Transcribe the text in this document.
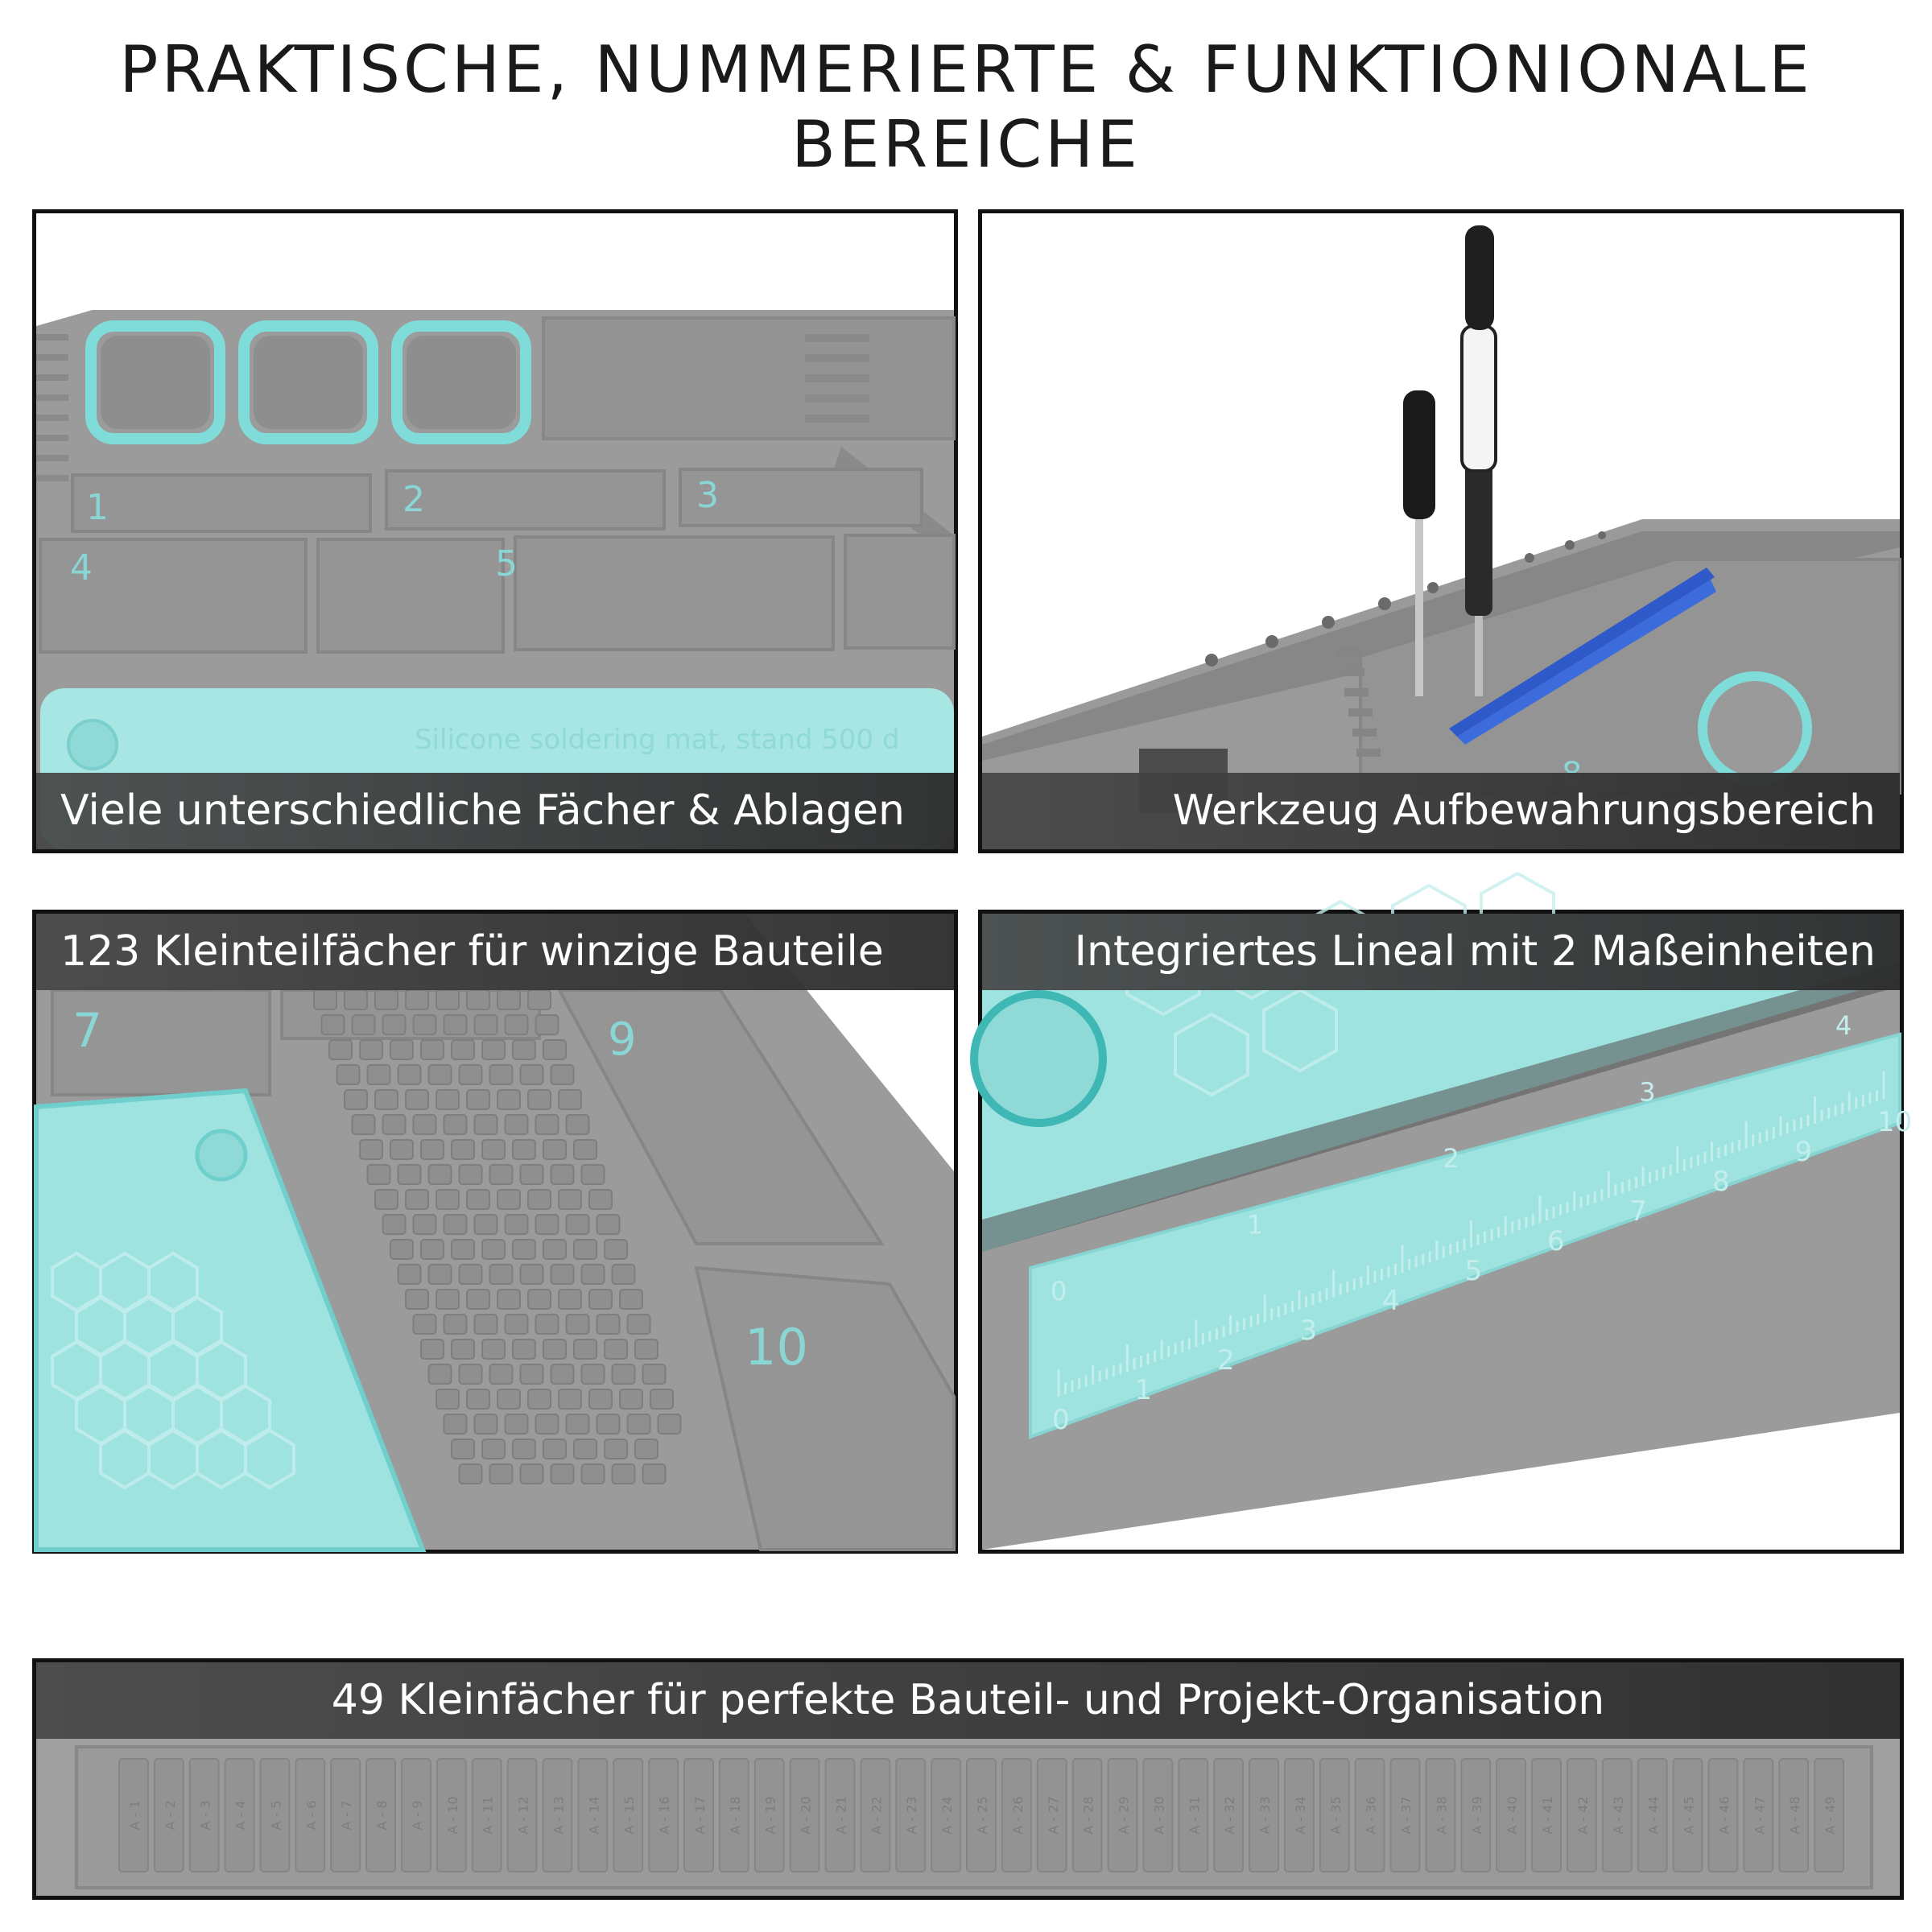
PRAKTISCHE, NUMMERIERTE & FUNKTIONIONALE BEREICHE
1	2	3
4	5
Silicone soldering mat, stand 500 d
Viele unterschiedliche Fächer & Ablagen	Werkzeug Aufbewahrungsbereich
7	9
10
123 Kleinteilfächer für winzige Bauteile
0
1
2
3
4
5
6
7
8
9
10
0
1
2
3
4
Integriertes Lineal mit 2 Maßeinheiten
A - 1 A - 2 A - 3 A - 4 A - 5 A - 6 A - 7 A - 8 A - 9 A - 10 A - 11 A - 12 A - 13 A - 14 A - 15 A - 16 A - 17 A - 18 A - 19 A - 20 A - 21 A - 22 A - 23 A - 24 A - 25 A - 26 A - 27 A - 28 A - 29 A - 30 A - 31 A - 32 A - 33 A - 34 A - 35 A - 36 A - 37 A - 38 A - 39 A - 40 A - 41 A - 42 A - 43 A - 44 A - 45 A - 46 A - 47 A - 48 A - 49
49 Kleinfächer für perfekte Bauteil- und Projekt-Organisation
